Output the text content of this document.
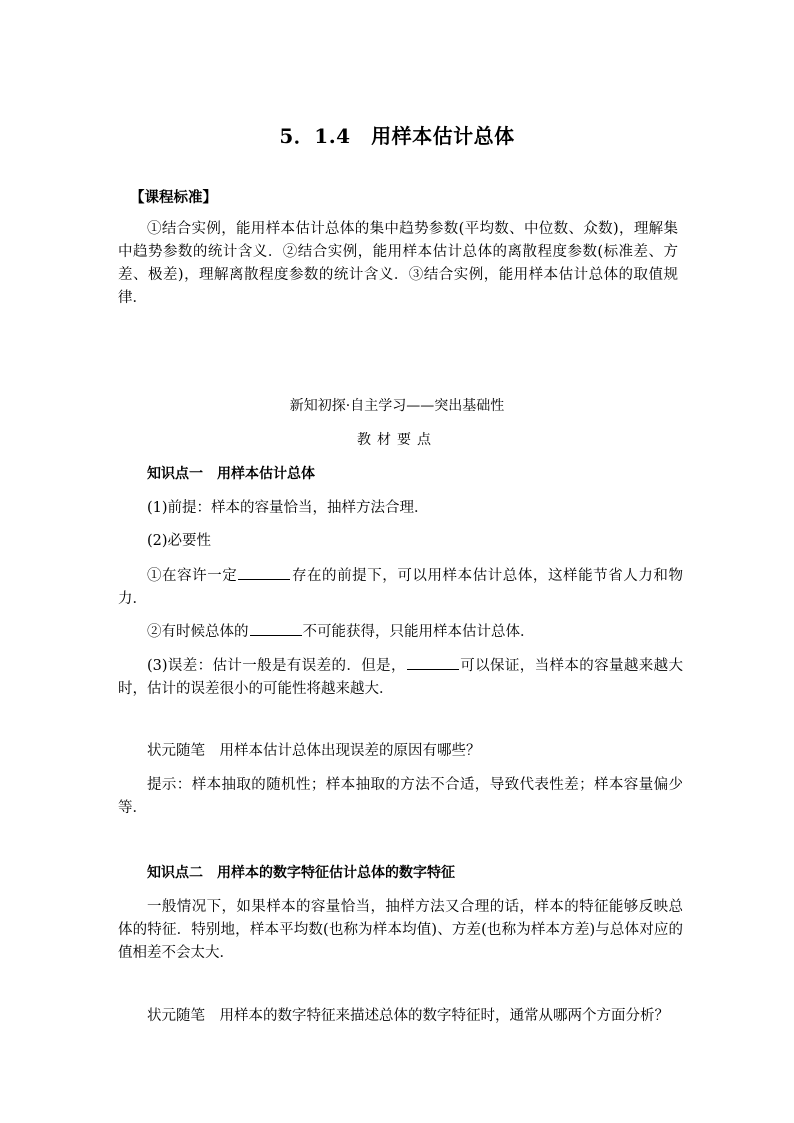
5．1.4　用样本估计总体
【课程标准】
①结合实例，能用样本估计总体的集中趋势参数(平均数、中位数、众数)，理解集中趋势参数的统计含义．②结合实例，能用样本估计总体的离散程度参数(标准差、方差、极差)，理解离散程度参数的统计含义．③结合实例，能用样本估计总体的取值规律．
新知初探·自主学习——突出基础性
教材要点
知识点一　用样本估计总体
(1)前提：样本的容量恰当，抽样方法合理．
(2)必要性
①在容许一定	存在的前提下，可以用样本估计总体，这样能节省人力和物力．
②有时候总体的	不可能获得，只能用样本估计总体．
(3)误差：估计一般是有误差的．但是，	可以保证，当样本的容量越来越大时，估计的误差很小的可能性将越来越大．
状元随笔　用样本估计总体出现误差的原因有哪些？
提示：样本抽取的随机性；样本抽取的方法不合适，导致代表性差；样本容量偏少等．
知识点二　用样本的数字特征估计总体的数字特征
一般情况下，如果样本的容量恰当，抽样方法又合理的话，样本的特征能够反映总体的特征．特别地，样本平均数(也称为样本均值)、方差(也称为样本方差)与总体对应的值相差不会太大．
状元随笔　用样本的数字特征来描述总体的数字特征时，通常从哪两个方面分析？
